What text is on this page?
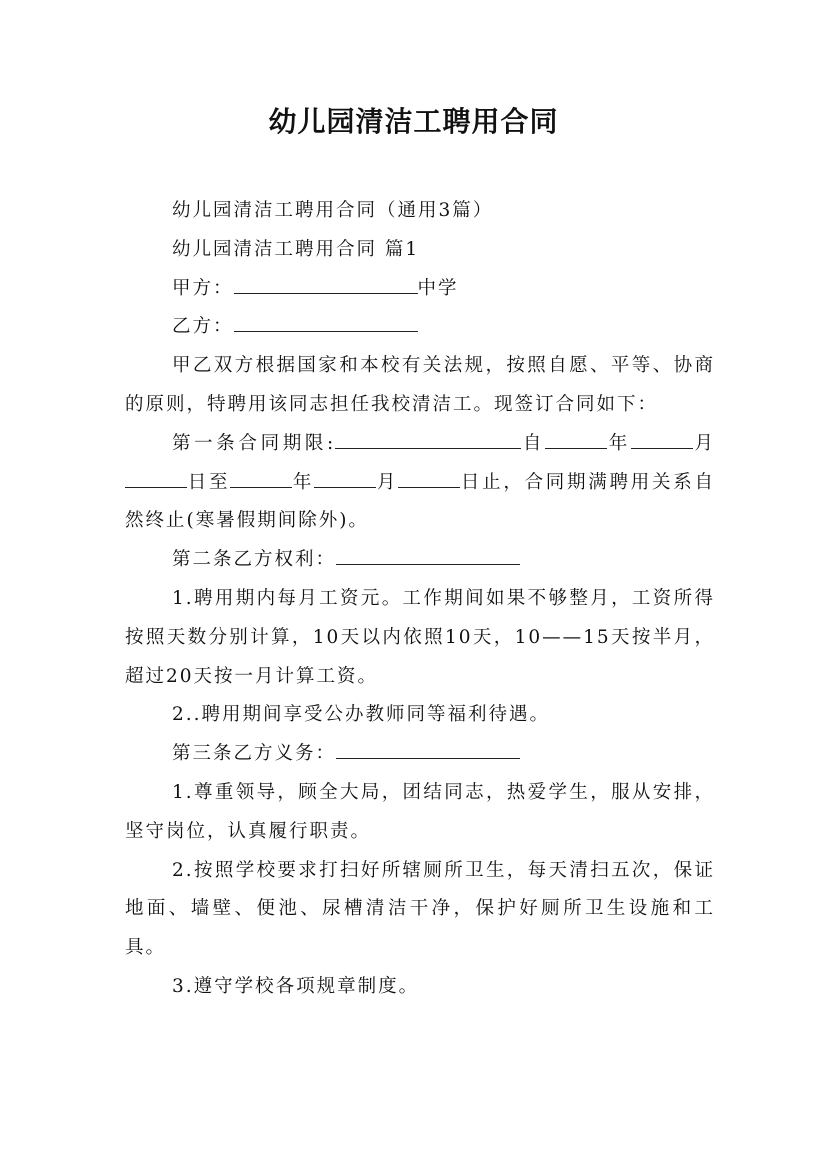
幼儿园清洁工聘用合同

幼儿园清洁工聘用合同（通用3篇）

幼儿园清洁工聘用合同 篇1

甲方：	中学

乙方：

甲乙双方根据国家和本校有关法规，按照自愿、平等、协商的原则，特聘用该同志担任我校清洁工。现签订合同如下：

第一条合同期限:	自	年	月日至	年	月	日止，合同期满聘用关系自然终止(寒暑假期间除外)。

第二条乙方权利：

1.聘用期内每月工资元。工作期间如果不够整月，工资所得按照天数分别计算，10天以内依照10天，10——15天按半月，超过20天按一月计算工资。

2..聘用期间享受公办教师同等福利待遇。

第三条乙方义务：

1.尊重领导，顾全大局，团结同志，热爱学生，服从安排，坚守岗位，认真履行职责。

2.按照学校要求打扫好所辖厕所卫生，每天清扫五次，保证地面、墙壁、便池、尿槽清洁干净，保护好厕所卫生设施和工具。

3.遵守学校各项规章制度。
